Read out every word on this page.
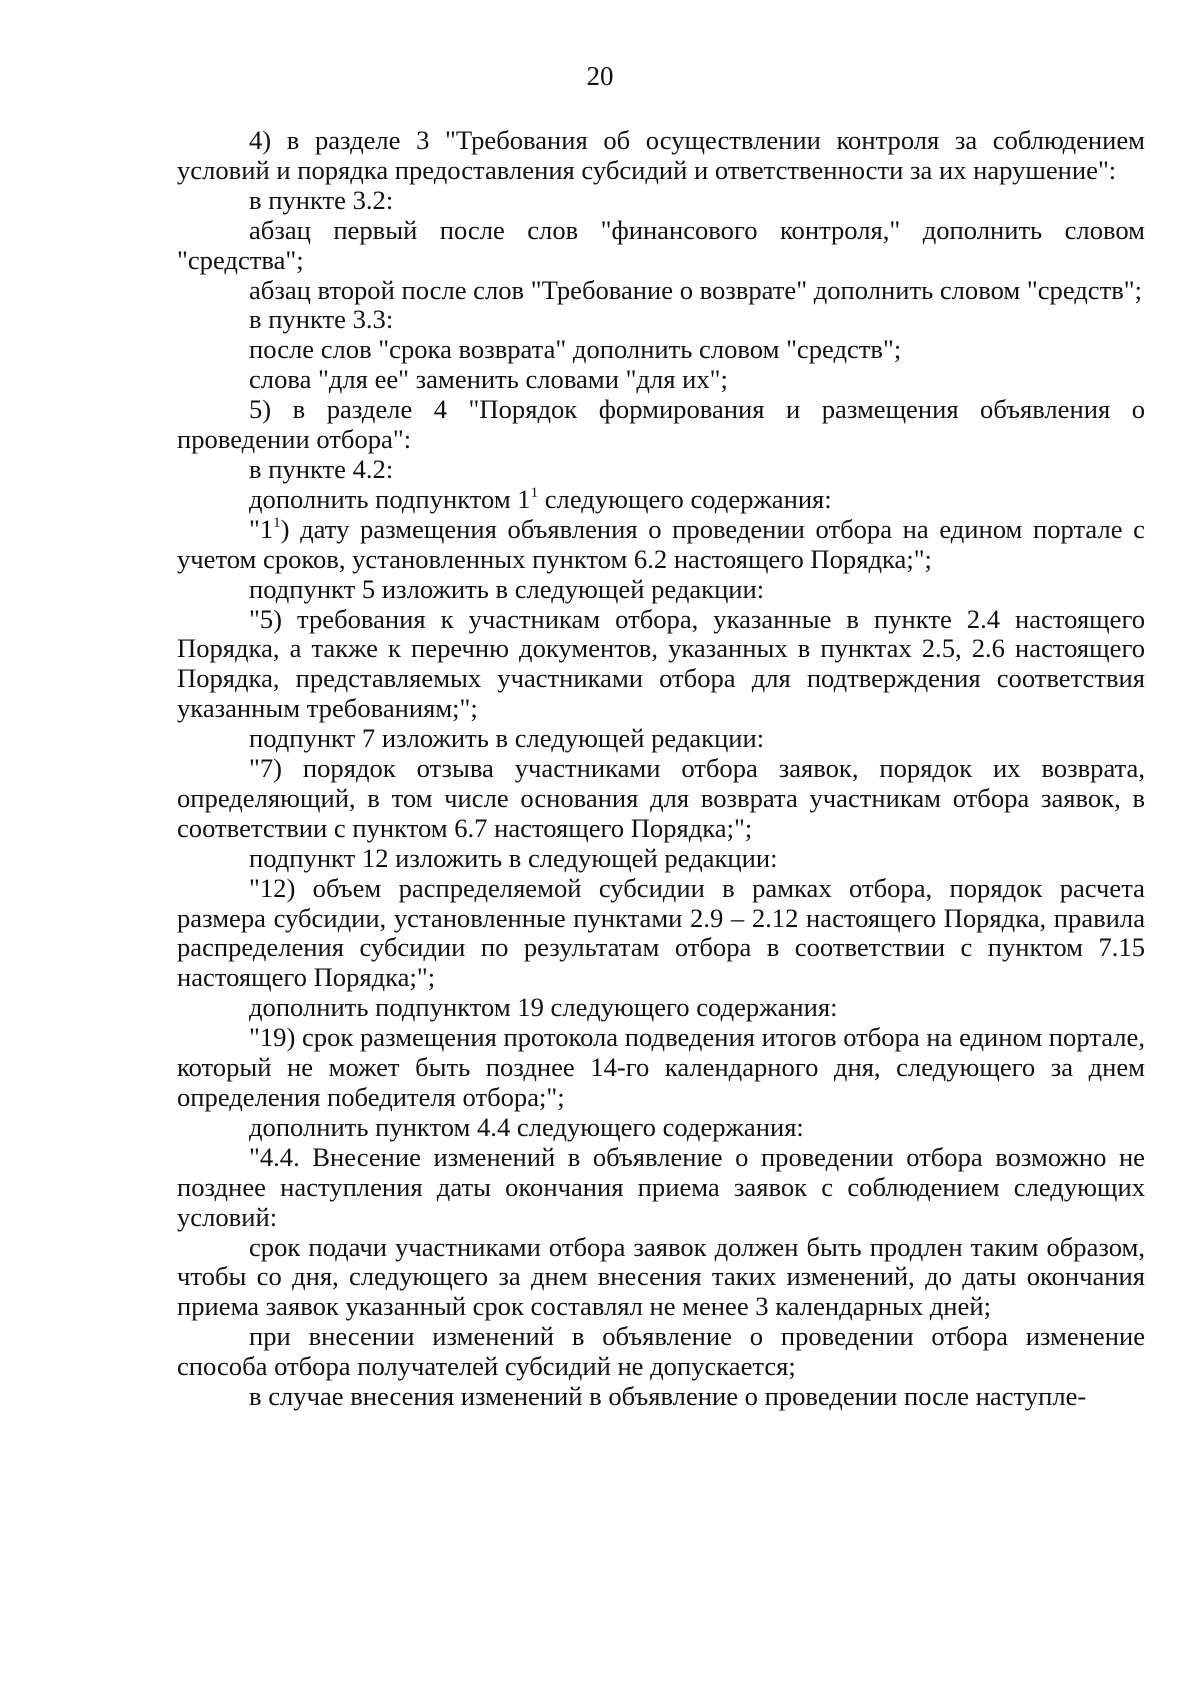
20

4) в разделе 3 "Требования об осуществлении контроля за соблюдением условий и порядка предоставления субсидий и ответственности за их нарушение":

в пункте 3.2:

абзац первый после слов "финансового контроля," дополнить словом "средства";

абзац второй после слов "Требование о возврате" дополнить словом "средств";

в пункте 3.3:

после слов "срока возврата" дополнить словом "средств";

слова "для ее" заменить словами "для их";

5) в разделе 4 "Порядок формирования и размещения объявления о проведении отбора":

в пункте 4.2:

дополнить подпунктом $1^1$ следующего содержания:

"$1^1$) дату размещения объявления о проведении отбора на едином портале с учетом сроков, установленных пунктом 6.2 настоящего Порядка;";

подпункт 5 изложить в следующей редакции:

"5) требования к участникам отбора, указанные в пункте 2.4 настоящего Порядка, а также к перечню документов, указанных в пунктах 2.5, 2.6 настоящего Порядка, представляемых участниками отбора для подтверждения соответствия указанным требованиям;";

подпункт 7 изложить в следующей редакции:

"7) порядок отзыва участниками отбора заявок, порядок их возврата, определяющий, в том числе основания для возврата участникам отбора заявок, в соответствии с пунктом 6.7 настоящего Порядка;";

подпункт 12 изложить в следующей редакции:

"12) объем распределяемой субсидии в рамках отбора, порядок расчета размера субсидии, установленные пунктами 2.9 – 2.12 настоящего Порядка, правила распределения субсидии по результатам отбора в соответствии с пунктом 7.15 настоящего Порядка;";

дополнить подпунктом 19 следующего содержания:

"19) срок размещения протокола подведения итогов отбора на едином портале, который не может быть позднее 14-го календарного дня, следующего за днем определения победителя отбора;";

дополнить пунктом 4.4 следующего содержания:

"4.4. Внесение изменений в объявление о проведении отбора возможно не позднее наступления даты окончания приема заявок с соблюдением следующих условий:

срок подачи участниками отбора заявок должен быть продлен таким образом, чтобы со дня, следующего за днем внесения таких изменений, до даты окончания приема заявок указанный срок составлял не менее 3 календарных дней;

при внесении изменений в объявление о проведении отбора изменение способа отбора получателей субсидий не допускается;

в случае внесения изменений в объявление о проведении после наступле-
